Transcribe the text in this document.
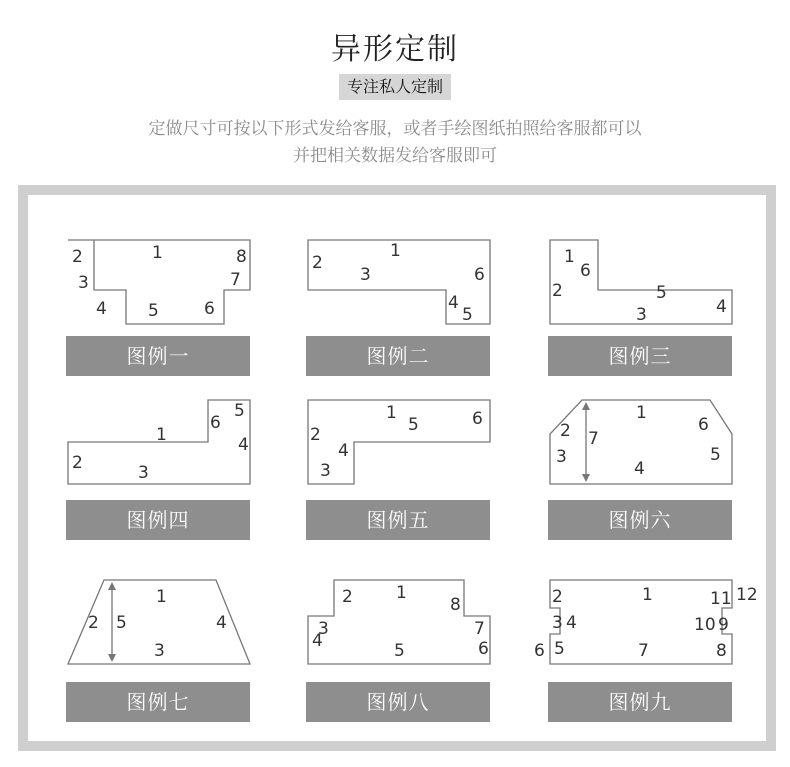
异形定制
专注私人定制
定做尺寸可按以下形式发给客服，或者手绘图纸拍照给客服都可以
并把相关数据发给客服即可
2	1	8
7
3
4 5	6
图例一
2
1
3	6
4
5
图例二
1
6
2	5
3	4
图例三
5
6
1	4
2	3
图例四
1	6
5
2
4
3
图例五
1
2 7
6
3	5
4
图例六
1
2 5	4
3
图例七
2	1
8
3
4
7
5	6
图例八
2	1	11 12
3 4	10 9
6 5	7	8
图例九
